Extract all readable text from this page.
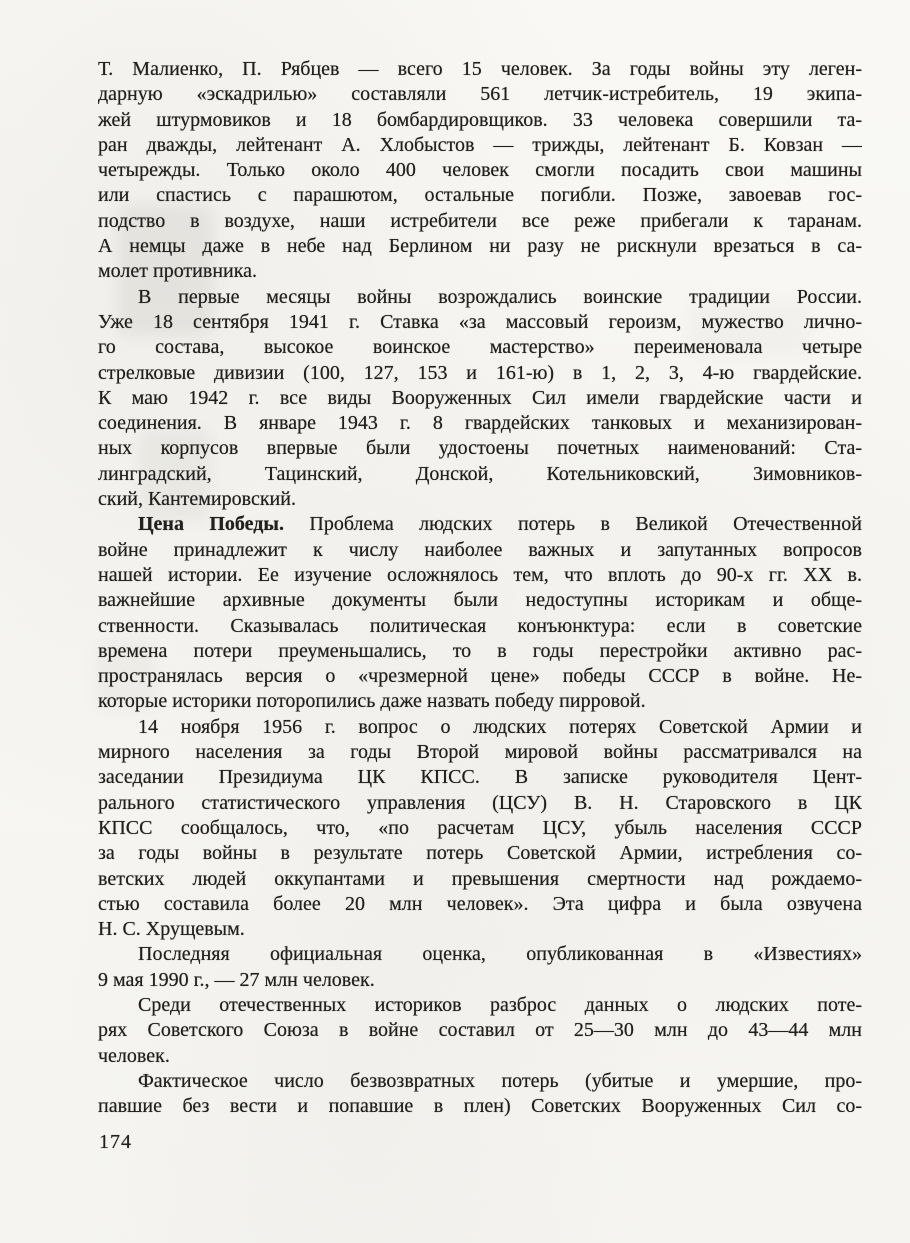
Т. Малиенко, П. Рябцев — всего 15 человек. За годы войны эту леген-
дарную «эскадрилью» составляли 561 летчик-истребитель, 19 экипа-
жей штурмовиков и 18 бомбардировщиков. 33 человека совершили та-
ран дважды, лейтенант А. Хлобыстов — трижды, лейтенант Б. Ковзан —
четырежды. Только около 400 человек смогли посадить свои машины
или спастись с парашютом, остальные погибли. Позже, завоевав гос-
подство в воздухе, наши истребители все реже прибегали к таранам.
А немцы даже в небе над Берлином ни разу не рискнули врезаться в са-
молет противника.
В первые месяцы войны возрождались воинские традиции России.
Уже 18 сентября 1941 г. Ставка «за массовый героизм, мужество лично-
го состава, высокое воинское мастерство» переименовала четыре
стрелковые дивизии (100, 127, 153 и 161-ю) в 1, 2, 3, 4-ю гвардейские.
К маю 1942 г. все виды Вооруженных Сил имели гвардейские части и
соединения. В январе 1943 г. 8 гвардейских танковых и механизирован-
ных корпусов впервые были удостоены почетных наименований: Ста-
линградский, Тацинский, Донской, Котельниковский, Зимовников-
ский, Кантемировский.
Цена Победы. Проблема людских потерь в Великой Отечественной
войне принадлежит к числу наиболее важных и запутанных вопросов
нашей истории. Ее изучение осложнялось тем, что вплоть до 90-х гг. XX в.
важнейшие архивные документы были недоступны историкам и обще-
ственности. Сказывалась политическая конъюнктура: если в советские
времена потери преуменьшались, то в годы перестройки активно рас-
пространялась версия о «чрезмерной цене» победы СССР в войне. Не-
которые историки поторопились даже назвать победу пирровой.
14 ноября 1956 г. вопрос о людских потерях Советской Армии и
мирного населения за годы Второй мировой войны рассматривался на
заседании Президиума ЦК КПСС. В записке руководителя Цент-
рального статистического управления (ЦСУ) В. Н. Старовского в ЦК
КПСС сообщалось, что, «по расчетам ЦСУ, убыль населения СССР
за годы войны в результате потерь Советской Армии, истребления со-
ветских людей оккупантами и превышения смертности над рождаемо-
стью составила более 20 млн человек». Эта цифра и была озвучена
Н. С. Хрущевым.
Последняя официальная оценка, опубликованная в «Известиях»
9 мая 1990 г., — 27 млн человек.
Среди отечественных историков разброс данных о людских поте-
рях Советского Союза в войне составил от 25—30 млн до 43—44 млн
человек.
Фактическое число безвозвратных потерь (убитые и умершие, про-
павшие без вести и попавшие в плен) Советских Вооруженных Сил со-
174
